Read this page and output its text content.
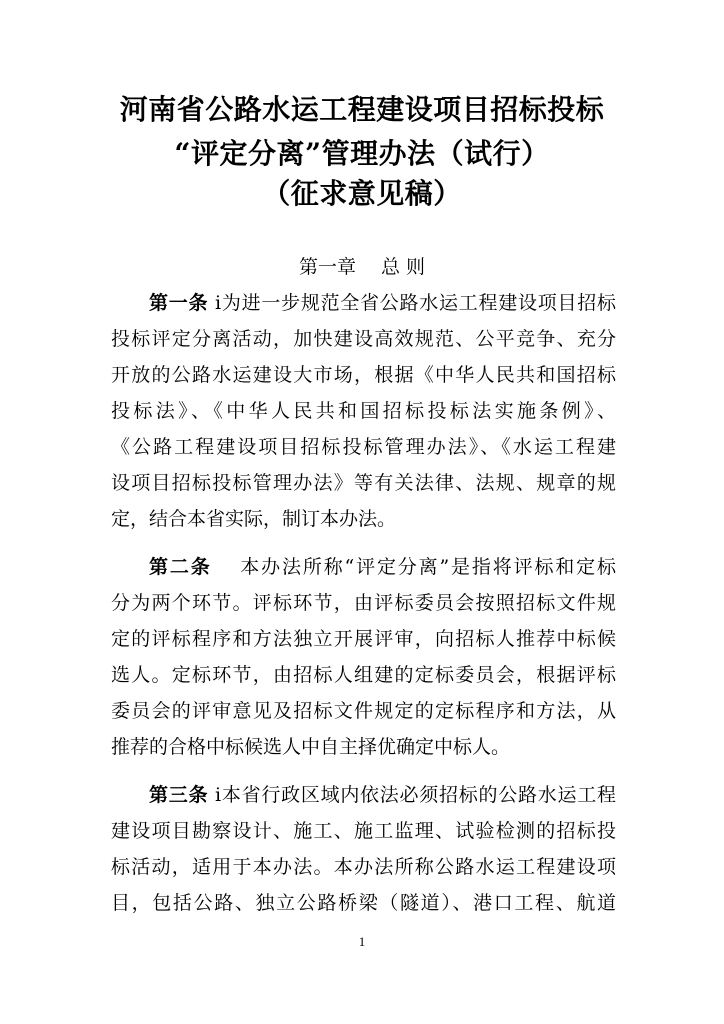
河南省公路水运工程建设项目招标投标
“评定分离”管理办法（试行）
（征求意见稿）
第一章　 总 则
第一条 i为进一步规范全省公路水运工程建设项目招标
投标评定分离活动，加快建设高效规范、公平竞争、充分
开放的公路水运建设大市场，根据《中华人民共和国招标
投标法》、《中华人民共和国招标投标法实施条例》、
《公路工程建设项目招标投标管理办法》、《水运工程建
设项目招标投标管理办法》等有关法律、法规、规章的规
定，结合本省实际，制订本办法。
第二条　 本办法所称“评定分离”是指将评标和定标
分为两个环节。评标环节，由评标委员会按照招标文件规
定的评标程序和方法独立开展评审，向招标人推荐中标候
选人。定标环节，由招标人组建的定标委员会，根据评标
委员会的评审意见及招标文件规定的定标程序和方法，从
推荐的合格中标候选人中自主择优确定中标人。
第三条 i本省行政区域内依法必须招标的公路水运工程
建设项目勘察设计、施工、施工监理、试验检测的招标投
标活动，适用于本办法。本办法所称公路水运工程建设项
目，包括公路、独立公路桥梁（隧道）、港口工程、航道
1
